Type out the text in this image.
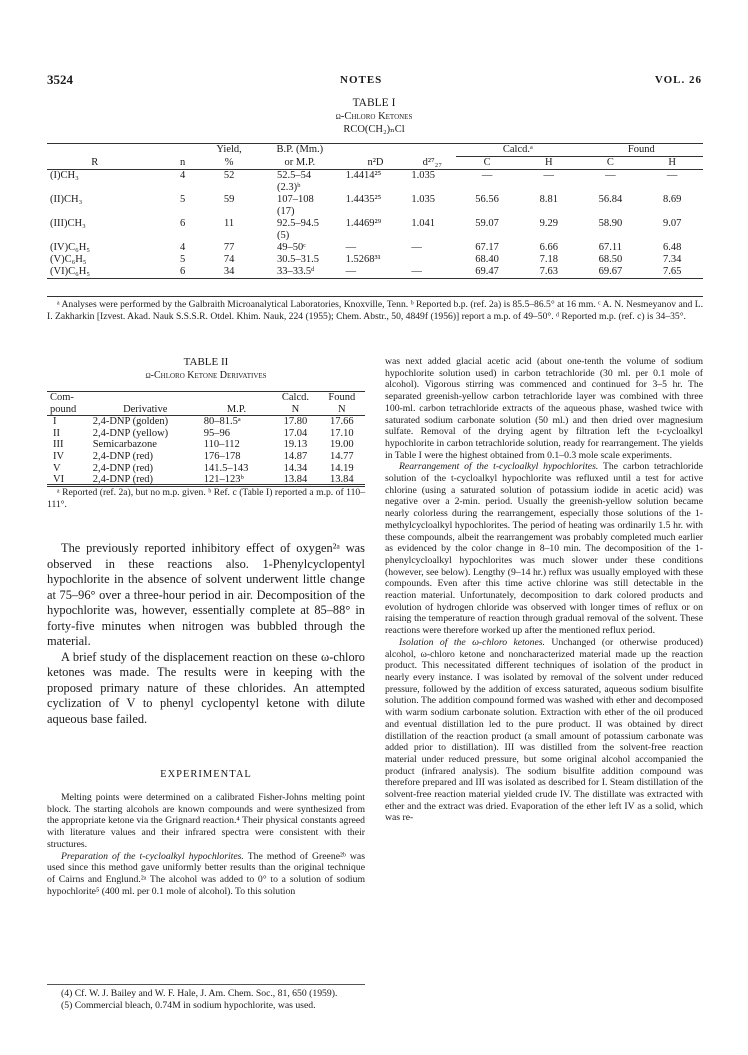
3524	NOTES	VOL. 26
TABLE I
ω-Chloro Ketones
RCO(CH₂)ₙCl
		Yield,	B.P. (Mm.)			Calcd.ᵃ		Found	
R	n	%	or M.P.	n²D	d²⁷₂₇	C	H	C	H
(I)CH₃	4	52	52.5–54	1.4414²⁵	1.035	—	—	—	—
			(2.3)ᵇ						
(II)CH₃	5	59	107–108	1.4435²⁵	1.035	56.56	8.81	56.84	8.69
			(17)						
(III)CH₃	6	11	92.5–94.5	1.4469²⁹	1.041	59.07	9.29	58.90	9.07
			(5)						
(IV)C₆H₅	4	77	49–50ᶜ	—	—	67.17	6.66	67.11	6.48
(V)C₆H₅	5	74	30.5–31.5	1.5268³¹		68.40	7.18	68.50	7.34
(VI)C₆H₅	6	34	33–33.5ᵈ	—	—	69.47	7.63	69.67	7.65
ᵃ Analyses were performed by the Galbraith Microanalytical Laboratories, Knoxville, Tenn. ᵇ Reported b.p. (ref. 2a) is 85.5–86.5° at 16 mm. ᶜ A. N. Nesmeyanov and L. I. Zakharkin [Izvest. Akad. Nauk S.S.S.R. Otdel. Khim. Nauk, 224 (1955); Chem. Abstr., 50, 4849f (1956)] report a m.p. of 49–50°. ᵈ Reported m.p. (ref. c) is 34–35°.
TABLE II
ω-Chloro Ketone Derivatives
Com-			Calcd.	Found
pound	Derivative	M.P.	N	N
I	2,4-DNP (golden)	80–81.5ᵃ	17.80	17.66
II	2,4-DNP (yellow)	95–96	17.04	17.10
III	Semicarbazone	110–112	19.13	19.00
IV	2,4-DNP (red)	176–178	14.87	14.77
V	2,4-DNP (red)	141.5–143	14.34	14.19
VI	2,4-DNP (red)	121–123ᵇ	13.84	13.84
ᵃ Reported (ref. 2a), but no m.p. given. ᵇ Ref. c (Table I) reported a m.p. of 110–111°.

The previously reported inhibitory effect of oxygen²ᵃ was observed in these reactions also. 1-Phenylcyclopentyl hypochlorite in the absence of solvent underwent little change at 75–96° over a three-hour period in air. Decomposition of the hypochlorite was, however, essentially complete at 85–88° in forty-five minutes when nitrogen was bubbled through the material.

A brief study of the displacement reaction on these ω-chloro ketones was made. The results were in keeping with the proposed primary nature of these chlorides. An attempted cyclization of V to phenyl cyclopentyl ketone with dilute aqueous base failed.

EXPERIMENTAL

Melting points were determined on a calibrated Fisher-Johns melting point block. The starting alcohols are known compounds and were synthesized from the appropriate ketone via the Grignard reaction.⁴ Their physical constants agreed with literature values and their infrared spectra were consistent with their structures.

Preparation of the t-cycloalkyl hypochlorites. The method of Greene²ᵇ was used since this method gave uniformly better results than the original technique of Cairns and Englund.²ᵃ The alcohol was added to 0° to a solution of sodium hypochlorite⁵ (400 ml. per 0.1 mole of alcohol). To this solution

(4) Cf. W. J. Bailey and W. F. Hale, J. Am. Chem. Soc., 81, 650 (1959).

(5) Commercial bleach, 0.74M in sodium hypochlorite, was used.

was next added glacial acetic acid (about one-tenth the volume of sodium hypochlorite solution used) in carbon tetrachloride (30 ml. per 0.1 mole of alcohol). Vigorous stirring was commenced and continued for 3–5 hr. The separated greenish-yellow carbon tetrachloride layer was combined with three 100-ml. carbon tetrachloride extracts of the aqueous phase, washed twice with saturated sodium carbonate solution (50 ml.) and then dried over magnesium sulfate. Removal of the drying agent by filtration left the t-cycloalkyl hypochlorite in carbon tetrachloride solution, ready for rearrangement. The yields in Table I were the highest obtained from 0.1–0.3 mole scale experiments.

Rearrangement of the t-cycloalkyl hypochlorites. The carbon tetrachloride solution of the t-cycloalkyl hypochlorite was refluxed until a test for active chlorine (using a saturated solution of potassium iodide in acetic acid) was negative over a 2-min. period. Usually the greenish-yellow solution became nearly colorless during the rearrangement, especially those solutions of the 1-methylcycloalkyl hypochlorites. The period of heating was ordinarily 1.5 hr. with these compounds, albeit the rearrangement was probably completed much earlier as evidenced by the color change in 8–10 min. The decomposition of the 1-phenylcycloalkyl hypochlorites was much slower under these conditions (however, see below). Lengthy (9–14 hr.) reflux was usually employed with these compounds. Even after this time active chlorine was still detectable in the reaction material. Unfortunately, decomposition to dark colored products and evolution of hydrogen chloride was observed with longer times of reflux or on raising the temperature of reaction through gradual removal of the solvent. These reactions were therefore worked up after the mentioned reflux period.

Isolation of the ω-chloro ketones. Unchanged (or otherwise produced) alcohol, ω-chloro ketone and noncharacterized material made up the reaction product. This necessitated different techniques of isolation of the product in nearly every instance. I was isolated by removal of the solvent under reduced pressure, followed by the addition of excess saturated, aqueous sodium bisulfite solution. The addition compound formed was washed with ether and decomposed with warm sodium carbonate solution. Extraction with ether of the oil produced and eventual distillation led to the pure product. II was obtained by direct distillation of the reaction product (a small amount of potassium carbonate was added prior to distillation). III was distilled from the solvent-free reaction material under reduced pressure, but some original alcohol accompanied the product (infrared analysis). The sodium bisulfite addition compound was therefore prepared and III was isolated as described for I. Steam distillation of the solvent-free reaction material yielded crude IV. The distillate was extracted with ether and the extract was dried. Evaporation of the ether left IV as a solid, which was re-
